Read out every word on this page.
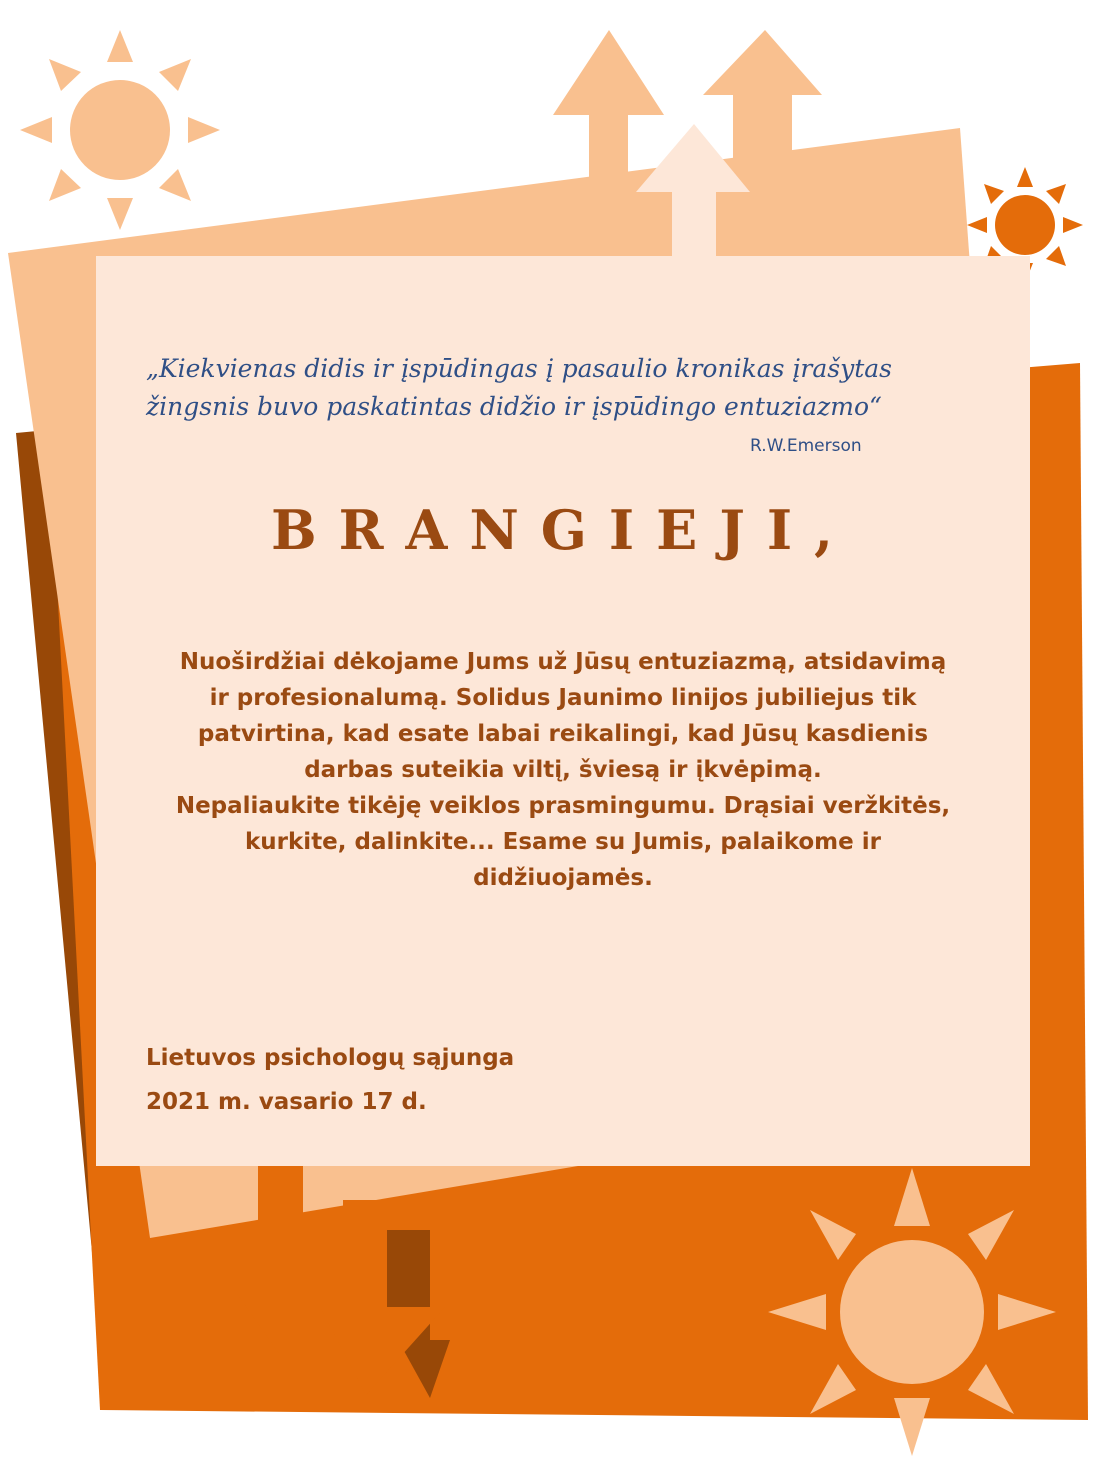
„Kiekvienas didis ir įspūdingas į pasaulio kronikas įrašytas
žingsnis buvo paskatintas didžio ir įspūdingo entuziazmo“
R.W.Emerson
BRANGIEJI,
Nuoširdžiai dėkojame Jums už Jūsų entuziazmą, atsidavimą
ir profesionalumą. Solidus Jaunimo linijos jubiliejus tik
patvirtina, kad esate labai reikalingi, kad Jūsų kasdienis
darbas suteikia viltį, šviesą ir įkvėpimą.
Nepaliaukite tikėję veiklos prasmingumu. Drąsiai veržkitės,
kurkite, dalinkite... Esame su Jumis, palaikome ir
didžiuojamės.
Lietuvos psichologų sąjunga
2021 m. vasario 17 d.
